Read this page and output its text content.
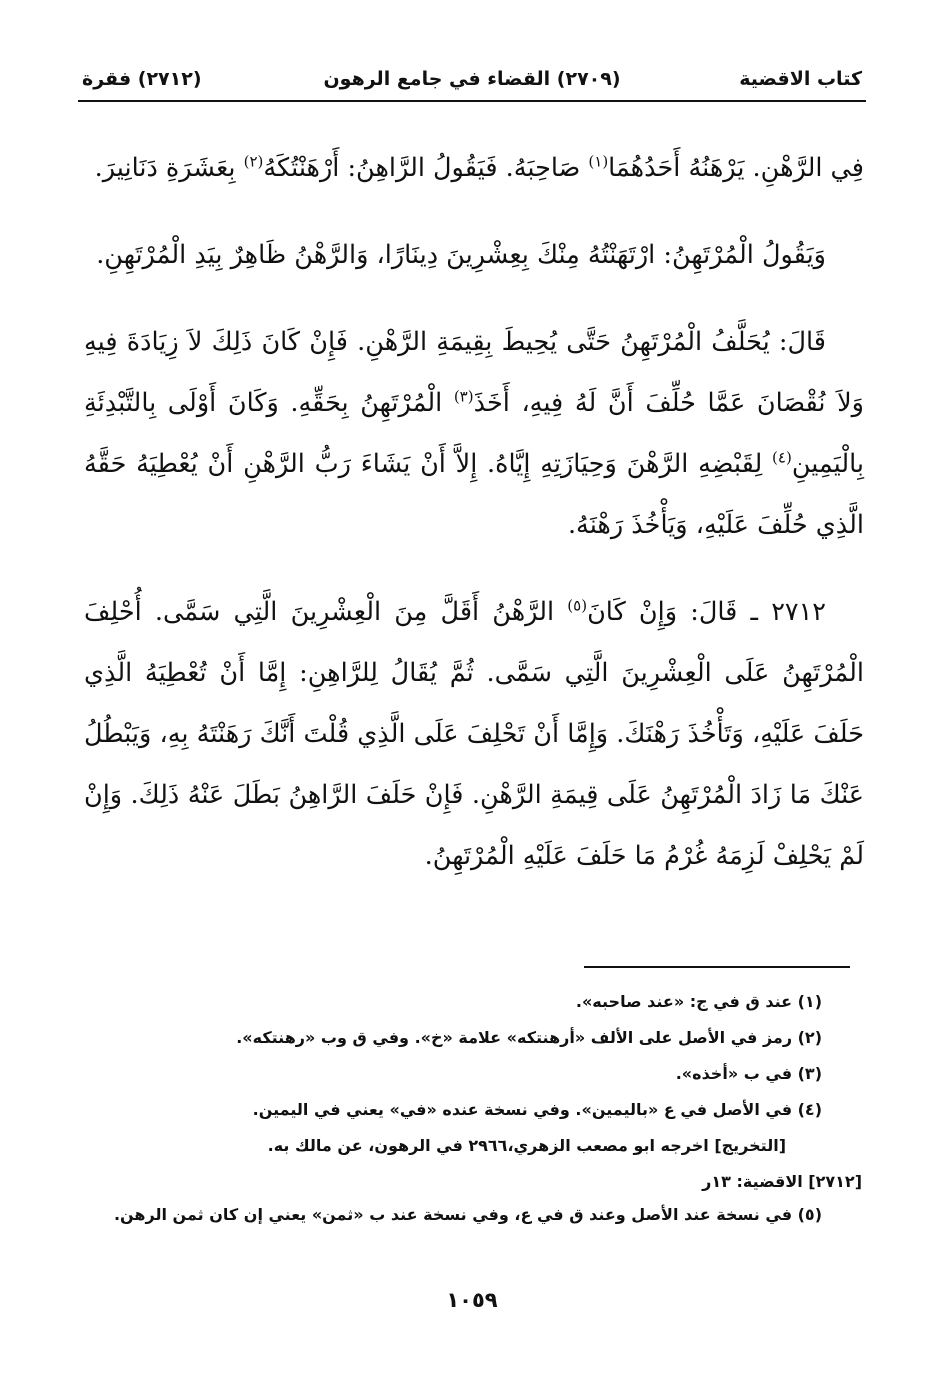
كتاب الاقضية
(٢٧٠٩) القضاء في جامع الرهون
(٢٧١٢) فقرة

فِي الرَّهْنِ. يَرْهَنُهُ أَحَدُهُمَا$^{(١)}$ صَاحِبَهُ. فَيَقُولُ الرَّاهِنُ: أَرْهَنْتُكَهُ$^{(٢)}$ بِعَشَرَةِ دَنَانِيرَ.

وَيَقُولُ الْمُرْتَهِنُ: ارْتَهَنْتُهُ مِنْكَ بِعِشْرِينَ دِينَارًا، وَالرَّهْنُ ظَاهِرٌ بِيَدِ الْمُرْتَهِنِ.

قَالَ: يُحَلَّفُ الْمُرْتَهِنُ حَتَّى يُحِيطَ بِقِيمَةِ الرَّهْنِ. فَإِنْ كَانَ ذَلِكَ لاَ زِيَادَةَ فِيهِ وَلاَ نُقْصَانَ عَمَّا حُلِّفَ أَنَّ لَهُ فِيهِ، أَخَذَ$^{(٣)}$ الْمُرْتَهِنُ بِحَقِّهِ. وَكَانَ أَوْلَى بِالتَّبْدِئَةِ بِالْيَمِينِ$^{(٤)}$ لِقَبْضِهِ الرَّهْنَ وَحِيَازَتِهِ إِيَّاهُ. إِلاَّ أَنْ يَشَاءَ رَبُّ الرَّهْنِ أَنْ يُعْطِيَهُ حَقَّهُ الَّذِي حُلِّفَ عَلَيْهِ، وَيَأْخُذَ رَهْنَهُ.

٢٧١٢ ـ قَالَ: وَإِنْ كَانَ$^{(٥)}$ الرَّهْنُ أَقَلَّ مِنَ الْعِشْرِينَ الَّتِي سَمَّى. أُحْلِفَ الْمُرْتَهِنُ عَلَى الْعِشْرِينَ الَّتِي سَمَّى. ثُمَّ يُقَالُ لِلرَّاهِنِ: إِمَّا أَنْ تُعْطِيَهُ الَّذِي حَلَفَ عَلَيْهِ، وَتَأْخُذَ رَهْنَكَ. وَإِمَّا أَنْ تَحْلِفَ عَلَى الَّذِي قُلْتَ أَنَّكَ رَهَنْتَهُ بِهِ، وَيَبْطُلُ عَنْكَ مَا زَادَ الْمُرْتَهِنُ عَلَى قِيمَةِ الرَّهْنِ. فَإِنْ حَلَفَ الرَّاهِنُ بَطَلَ عَنْهُ ذَلِكَ. وَإِنْ لَمْ يَحْلِفْ لَزِمَهُ غُرْمُ مَا حَلَفَ عَلَيْهِ الْمُرْتَهِنُ.

(١) عند ق في ج: «عند صاحبه».

(٢) رمز في الأصل على الألف «أرهنتكه» علامة «خ». وفي ق وب «رهنتكه».

(٣) في ب «أخذه».

(٤) في الأصل في ع «باليمين». وفي نسخة عنده «في» يعني في اليمين.

[التخريج] اخرجه ابو مصعب الزهري،٢٩٦٦ في الرهون، عن مالك به.

[٢٧١٢] الاقضية: ١٣ر

(٥) في نسخة عند الأصل وعند ق في ع، وفي نسخة عند ب «ثمن» يعني إن كان ثمن الرهن.

١٠٥٩
